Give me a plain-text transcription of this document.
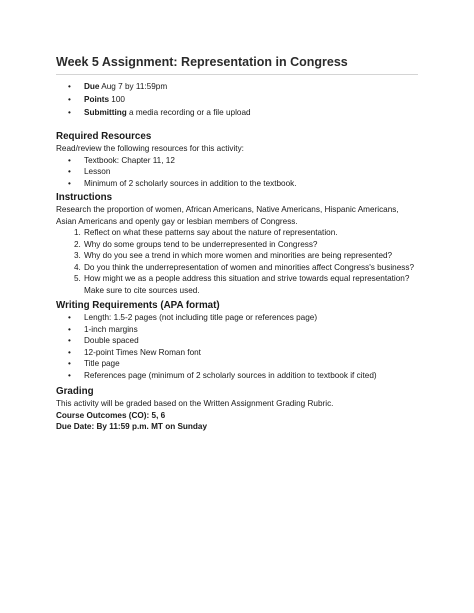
Week 5 Assignment: Representation in Congress
• Due Aug 7 by 11:59pm
• Points 100
• Submitting a media recording or a file upload
Required Resources

Read/review the following resources for this activity:

• Textbook: Chapter 11, 12
• Lesson
• Minimum of 2 scholarly sources in addition to the textbook.
Instructions

Research the proportion of women, African Americans, Native Americans, Hispanic Americans, Asian Americans and openly gay or lesbian members of Congress.

1. Reflect on what these patterns say about the nature of representation.
2. Why do some groups tend to be underrepresented in Congress?
3. Why do you see a trend in which more women and minorities are being represented?
4. Do you think the underrepresentation of women and minorities affect Congress's business?
5. How might we as a people address this situation and strive towards equal representation? Make sure to cite sources used.
Writing Requirements (APA format)
• Length: 1.5-2 pages (not including title page or references page)
• 1-inch margins
• Double spaced
• 12-point Times New Roman font
• Title page
• References page (minimum of 2 scholarly sources in addition to textbook if cited)
Grading

This activity will be graded based on the Written Assignment Grading Rubric.

Course Outcomes (CO): 5, 6

Due Date: By 11:59 p.m. MT on Sunday
